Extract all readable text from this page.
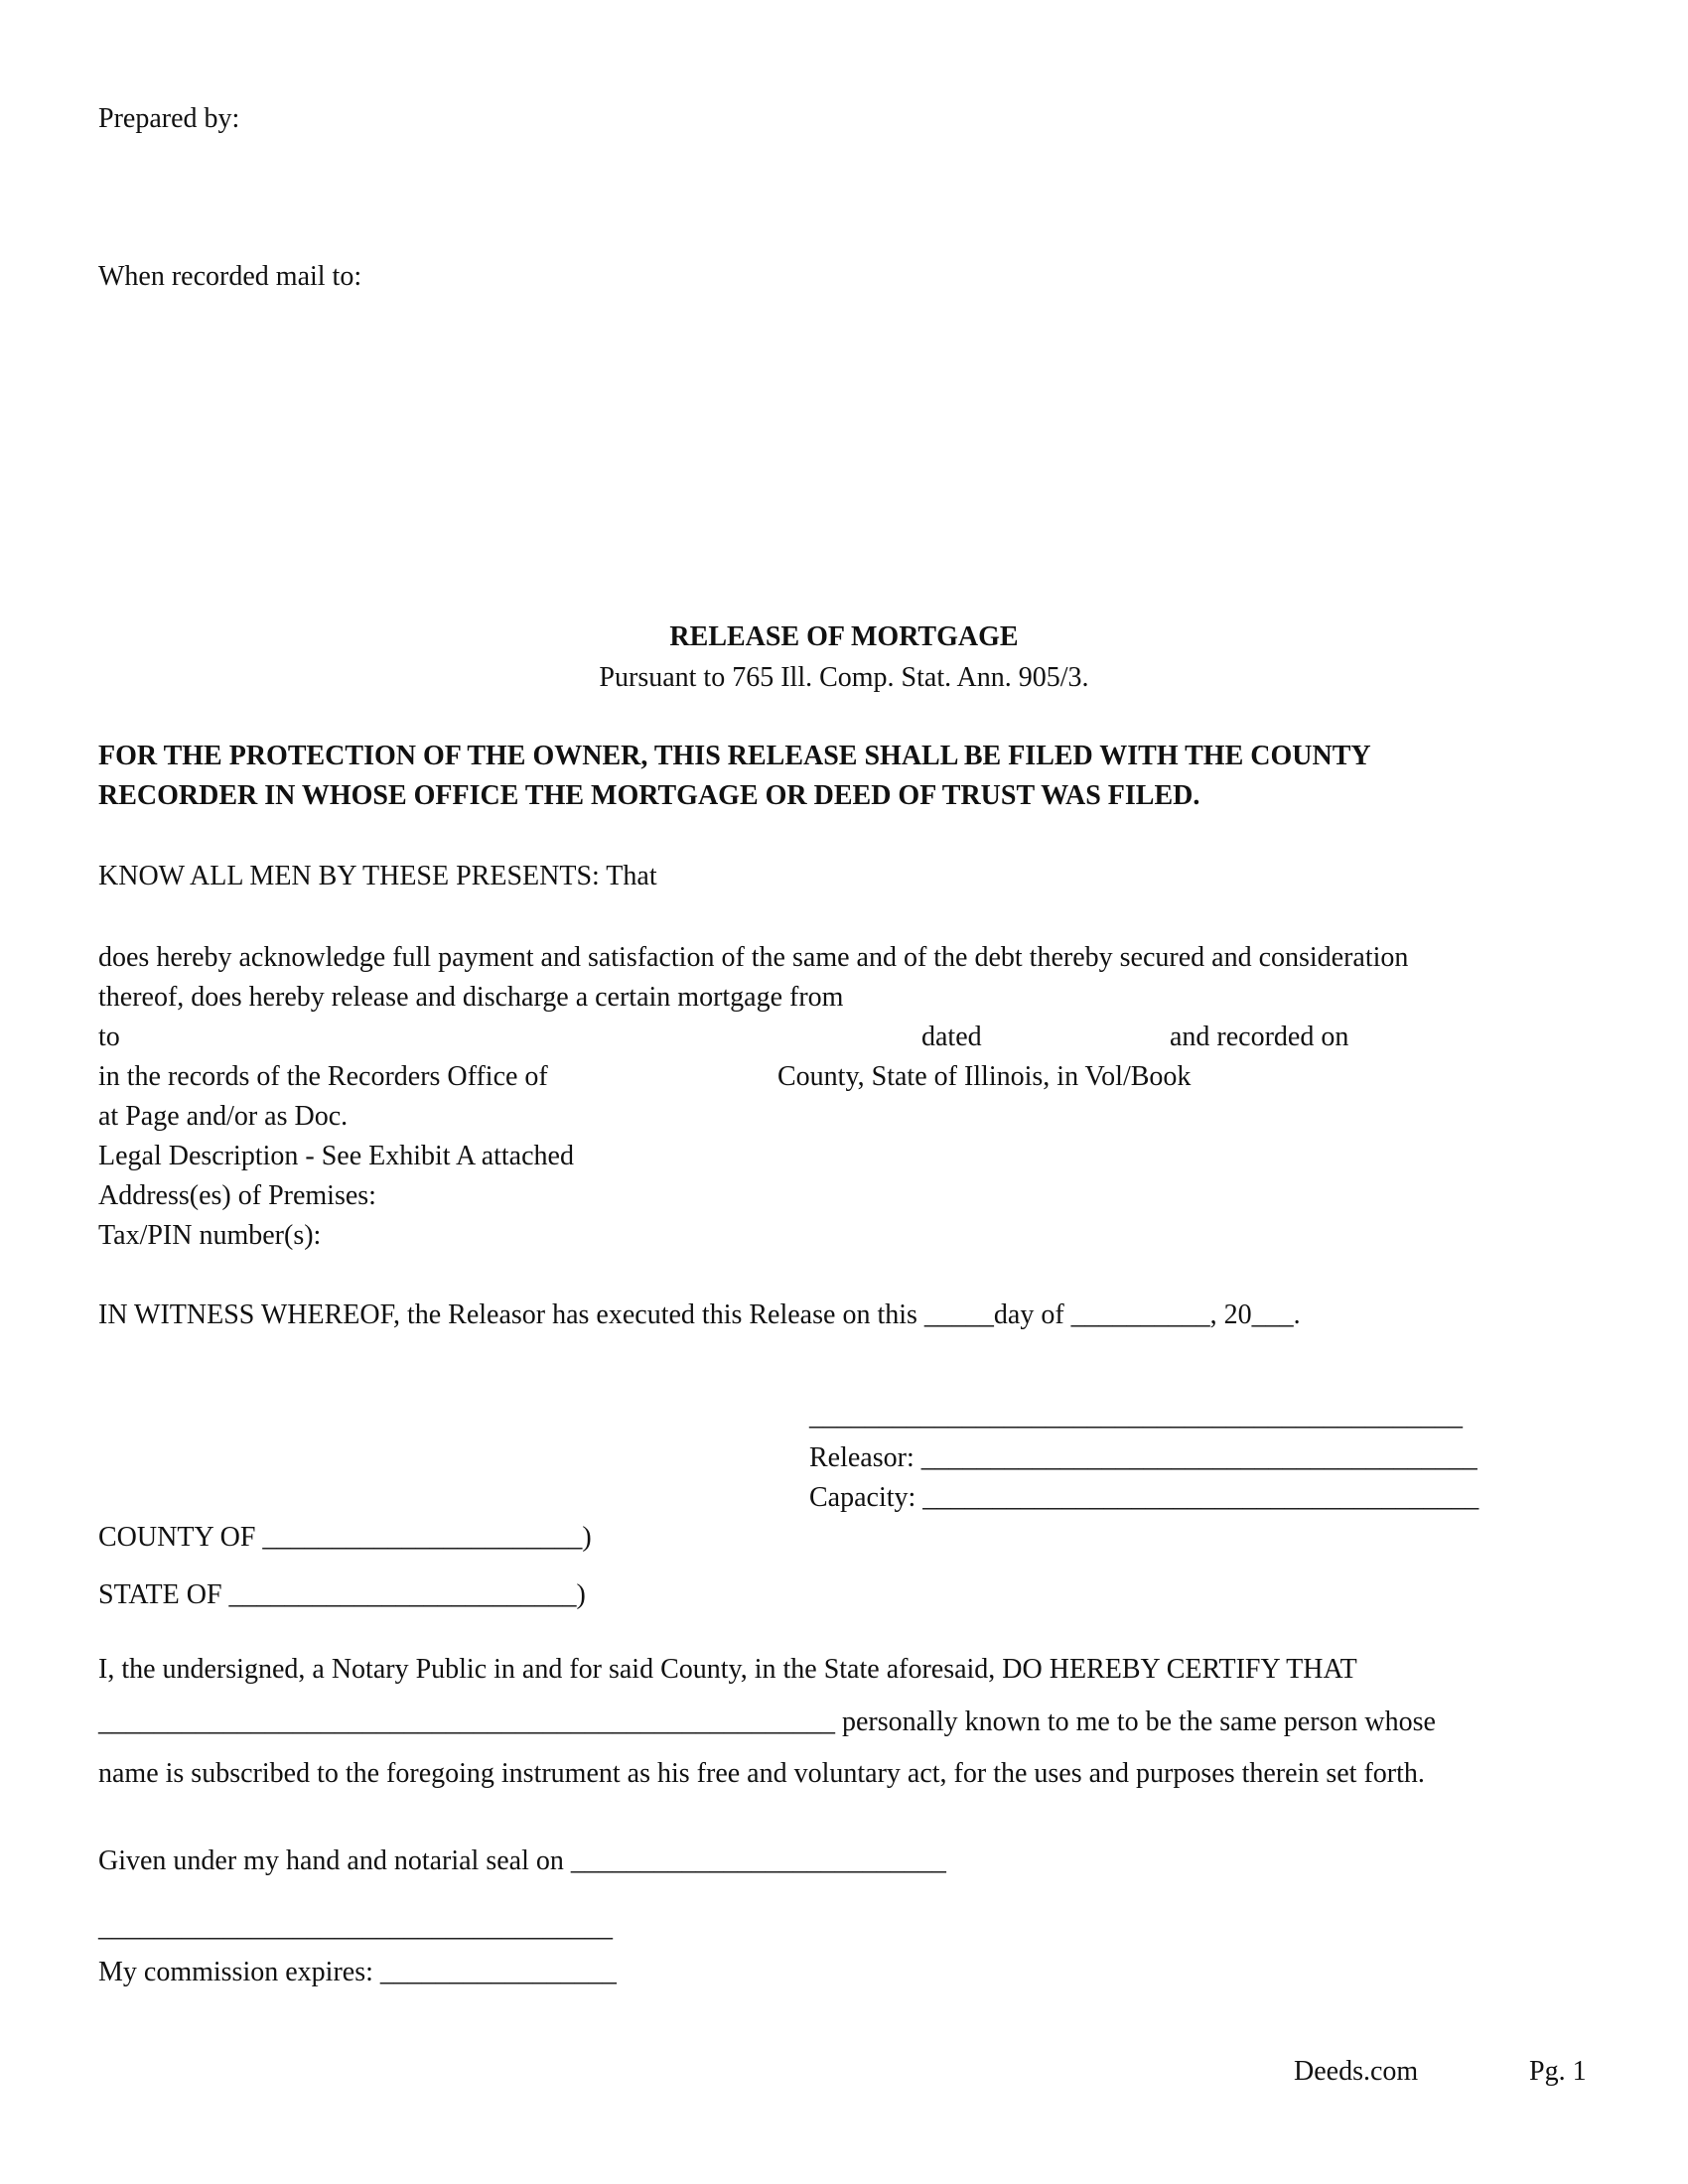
Prepared by:
When recorded mail to:
RELEASE OF MORTGAGE
Pursuant to 765 Ill. Comp. Stat. Ann. 905/3.
FOR THE PROTECTION OF THE OWNER, THIS RELEASE SHALL BE FILED WITH THE COUNTY
RECORDER IN WHOSE OFFICE THE MORTGAGE OR DEED OF TRUST WAS FILED.
KNOW ALL MEN BY THESE PRESENTS: That
does hereby acknowledge full payment and satisfaction of the same and of the debt thereby secured and consideration
thereof, does hereby release and discharge a certain mortgage from
to	dated	and recorded on
in the records of the Recorders Office of	County, State of Illinois, in Vol/Book
at Page and/or as Doc.
Legal Description - See Exhibit A attached
Address(es) of Premises:
Tax/PIN number(s):
IN WITNESS WHEREOF, the Releasor has executed this Release on this _____day of __________, 20___.
_______________________________________________
Releasor: ________________________________________
Capacity: ________________________________________
COUNTY OF _______________________)
STATE OF _________________________)
I, the undersigned, a Notary Public in and for said County, in the State aforesaid, DO HEREBY CERTIFY THAT
_____________________________________________________ personally known to me to be the same person whose
name is subscribed to the foregoing instrument as his free and voluntary act, for the uses and purposes therein set forth.
Given under my hand and notarial seal on ___________________________
_____________________________________
My commission expires: _________________
Deeds.com	Pg. 1
